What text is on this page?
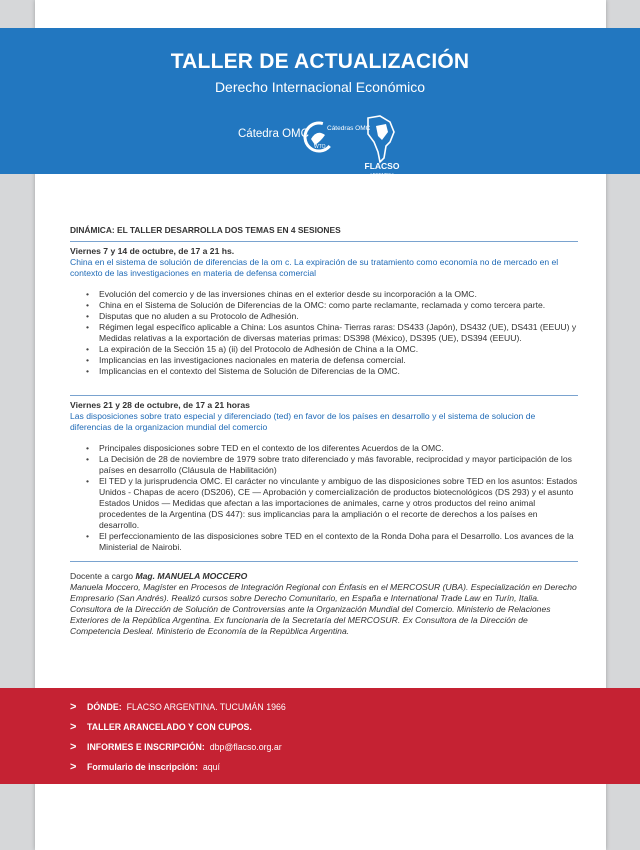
TALLER DE ACTUALIZACIÓN
Derecho Internacional Económico
Cátedra OMC	Cátedras OMC
WTO
FLACSO
ARGENTINA
DINÁMICA: EL TALLER DESARROLLA DOS TEMAS EN 4 SESIONES
Viernes 7 y 14 de octubre, de 17 a 21 hs.
China en el sistema de solución de diferencias de la om c. La expiración de su tratamiento como economía no de mercado en el contexto de las investigaciones en materia de defensa comercial
• Evolución del comercio y de las inversiones chinas en el exterior desde su incorporación a la OMC.
• China en el Sistema de Solución de Diferencias de la OMC: como parte reclamante, reclamada y como tercera parte.
• Disputas que no aluden a su Protocolo de Adhesión.
• Régimen legal específico aplicable a China: Los asuntos China- Tierras raras: DS433 (Japón), DS432 (UE), DS431 (EEUU) y Medidas relativas a la exportación de diversas materias primas: DS398 (México), DS395 (UE), DS394 (EEUU).
• La expiración de la Sección 15 a) (ii) del Protocolo de Adhesión de China a la OMC.
• Implicancias en las investigaciones nacionales en materia de defensa comercial.
• Implicancias en el contexto del Sistema de Solución de Diferencias de la OMC.
Viernes 21 y 28 de octubre, de 17 a 21 horas
Las disposiciones sobre trato especial y diferenciado (ted) en favor de los países en desarrollo y el sistema de solucion de diferencias de la organizacion mundial del comercio
• Principales disposiciones sobre TED en el contexto de los diferentes Acuerdos de la OMC.
• La Decisión de 28 de noviembre de 1979 sobre trato diferenciado y más favorable, reciprocidad y mayor participación de los países en desarrollo (Cláusula de Habilitación)
• El TED y la jurisprudencia OMC. El carácter no vinculante y ambiguo de las disposiciones sobre TED en los asuntos: Estados Unidos - Chapas de acero (DS206), CE — Aprobación y comercialización de productos biotecnológicos (DS 293) y el asunto Estados Unidos — Medidas que afectan a las importaciones de animales, carne y otros productos del reino animal procedentes de la Argentina (DS 447): sus implicancias para la ampliación o el recorte de derechos a los países en desarrollo.
• El perfeccionamiento de las disposiciones sobre TED en el contexto de la Ronda Doha para el Desarrollo. Los avances de la Ministerial de Nairobi.
Docente a cargo Mag. MANUELA MOCCERO
Manuela Moccero, Magíster en Procesos de Integración Regional con Énfasis en el MERCOSUR (UBA). Especialización en Derecho Empresario (San Andrés). Realizó cursos sobre Derecho Comunitario, en España e International Trade Law en Turín, Italia. Consultora de la Dirección de Solución de Controversias ante la Organización Mundial del Comercio. Ministerio de Relaciones Exteriores de la República Argentina. Ex funcionaria de la Secretaría del MERCOSUR. Ex Consultora de la Dirección de Competencia Desleal. Ministerio de Economía de la República Argentina.
> DÓNDE: FLACSO ARGENTINA. TUCUMÁN 1966
> TALLER ARANCELADO Y CON CUPOS.
> INFORMES E INSCRIPCIÓN: dbp@flacso.org.ar
> Formulario de inscripción: aquí
